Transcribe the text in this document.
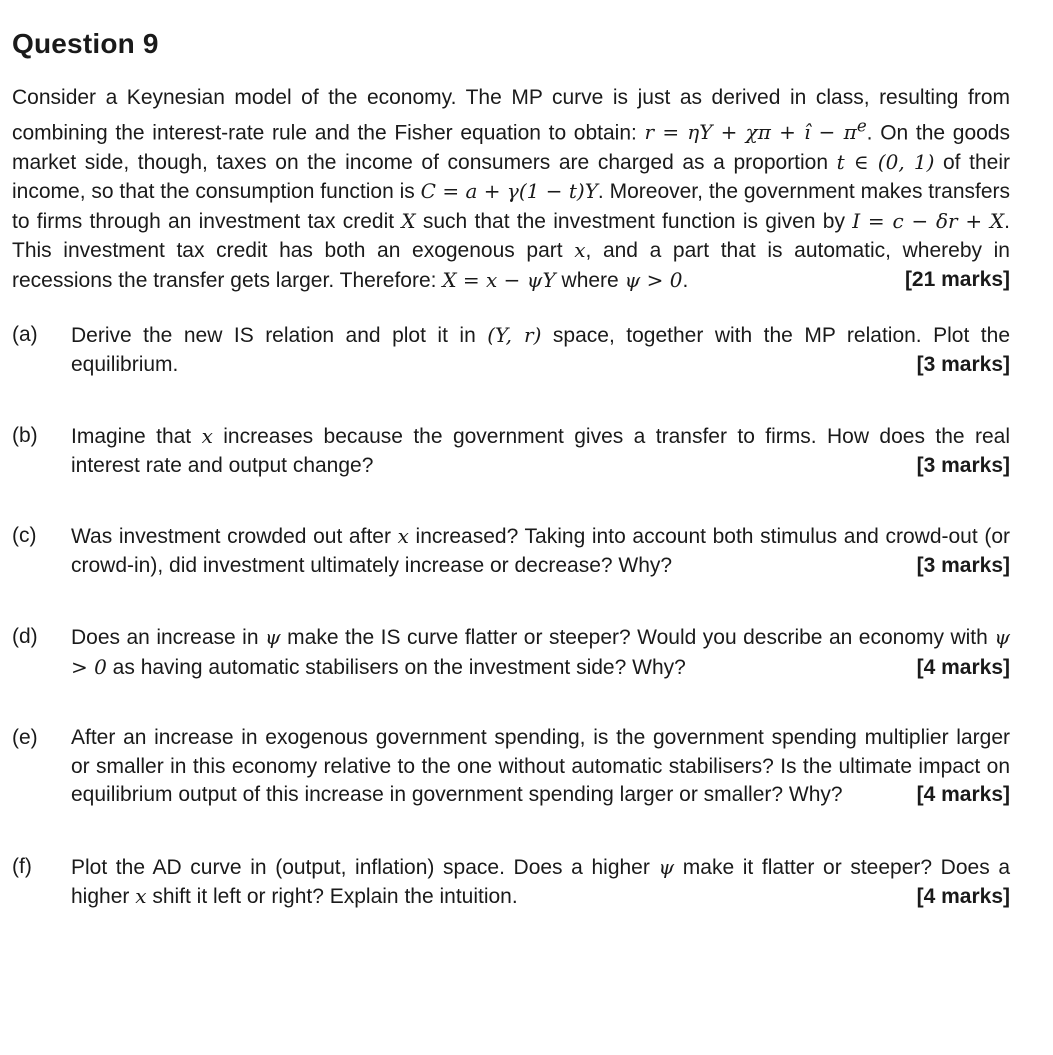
Question 9

Consider a Keynesian model of the economy. The MP curve is just as derived in class, resulting from combining the interest-rate rule and the Fisher equation to obtain: r = ηY + χπ + î − $\pi^e$. On the goods market side, though, taxes on the income of consumers are charged as a proportion t ∈ (0, 1) of their income, so that the consumption function is C = a + γ(1 − t)Y. Moreover, the government makes transfers to firms through an investment tax credit X such that the investment function is given by I = c − δr + X. This investment tax credit has both an exogenous part x, and a part that is automatic, whereby in recessions the transfer gets larger. Therefore: X = x − ψY where ψ > 0.	[21 marks]

(a) Derive the new IS relation and plot it in (Y, r) space, together with the MP relation. Plot the equilibrium.	[3 marks]
(b) Imagine that x increases because the government gives a transfer to firms. How does the real interest rate and output change?	[3 marks]
(c) Was investment crowded out after x increased? Taking into account both stimulus and crowd-out (or crowd-in), did investment ultimately increase or decrease? Why?	[3 marks]
(d) Does an increase in ψ make the IS curve flatter or steeper? Would you describe an economy with ψ > 0 as having automatic stabilisers on the investment side? Why?	[4 marks]
(e) After an increase in exogenous government spending, is the government spending multiplier larger or smaller in this economy relative to the one without automatic stabilisers? Is the ultimate impact on equilibrium output of this increase in government spending larger or smaller? Why?	[4 marks]
(f) Plot the AD curve in (output, inflation) space. Does a higher ψ make it flatter or steeper? Does a higher x shift it left or right? Explain the intuition.	[4 marks]
